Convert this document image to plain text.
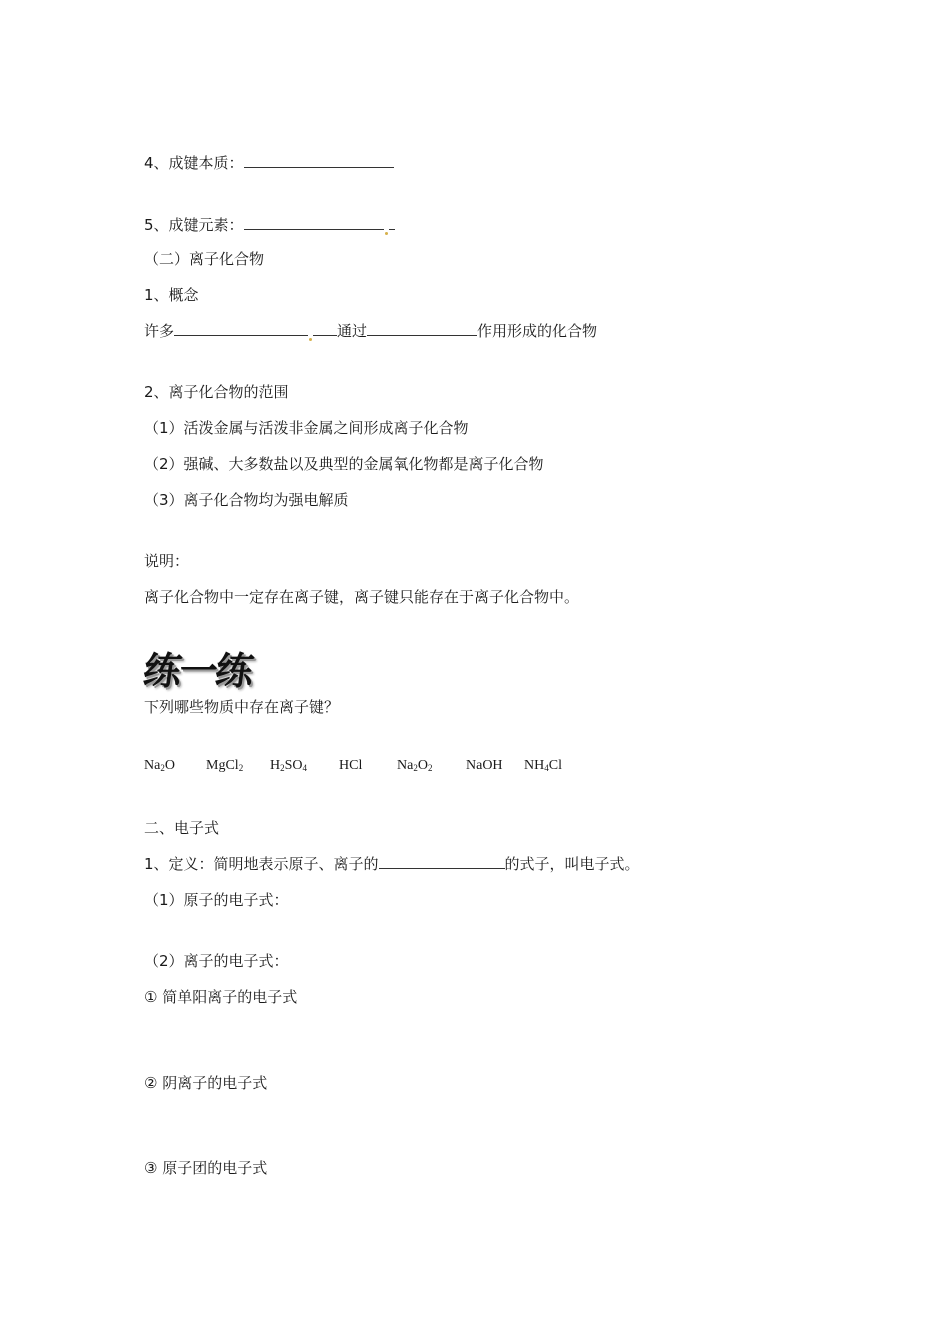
4、成键本质：
5、成键元素：
（二）离子化合物
1、概念
许多	通过	作用形成的化合物
2、离子化合物的范围
（1）活泼金属与活泼非金属之间形成离子化合物
（2）强碱、大多数盐以及典型的金属氧化物都是离子化合物
（3）离子化合物均为强电解质
说明：
离子化合物中一定存在离子键，离子键只能存在于离子化合物中。
练一练
下列哪些物质中存在离子键？
$Na_2O$ MgCl$_2$ $H_2SO_4$ HCl $Na_2O_2$ NaOH $NH_4Cl$
二、电子式
1、定义：简明地表示原子、离子的	的式子，叫电子式。
（1）原子的电子式：
（2）离子的电子式：
① 简单阳离子的电子式
② 阴离子的电子式
③ 原子团的电子式
